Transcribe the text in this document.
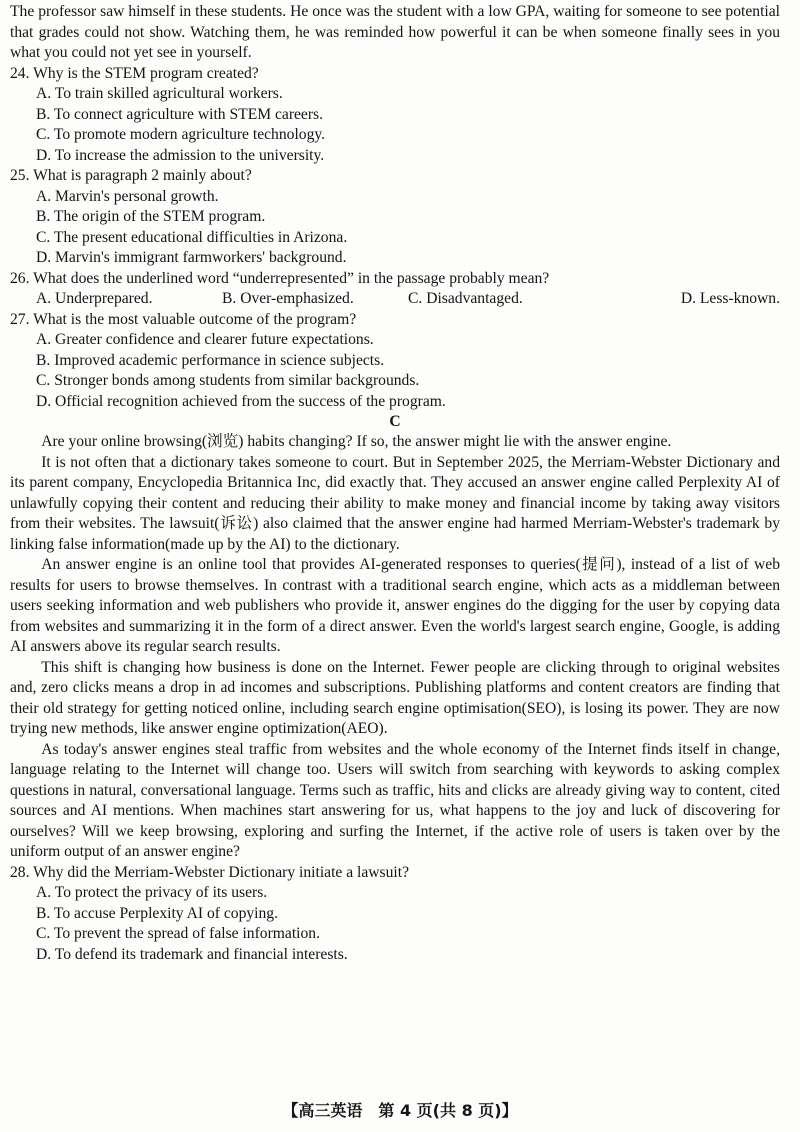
The professor saw himself in these students. He once was the student with a low GPA, waiting for someone to see potential that grades could not show. Watching them, he was reminded how powerful it can be when someone finally sees in you what you could not yet see in yourself.

24. Why is the STEM program created?

A. To train skilled agricultural workers.

B. To connect agriculture with STEM careers.

C. To promote modern agriculture technology.

D. To increase the admission to the university.

25. What is paragraph 2 mainly about?

A. Marvin's personal growth.

B. The origin of the STEM program.

C. The present educational difficulties in Arizona.

D. Marvin's immigrant farmworkers' background.

26. What does the underlined word “underrepresented” in the passage probably mean?

A. Underprepared.	B. Over-emphasized.	C. Disadvantaged.	D. Less-known.

27. What is the most valuable outcome of the program?

A. Greater confidence and clearer future expectations.

B. Improved academic performance in science subjects.

C. Stronger bonds among students from similar backgrounds.

D. Official recognition achieved from the success of the program.

C

Are your online browsing(浏览) habits changing? If so, the answer might lie with the answer engine.

It is not often that a dictionary takes someone to court. But in September 2025, the Merriam-Webster Dictionary and its parent company, Encyclopedia Britannica Inc, did exactly that. They accused an answer engine called Perplexity AI of unlawfully copying their content and reducing their ability to make money and financial income by taking away visitors from their websites. The lawsuit(诉讼) also claimed that the answer engine had harmed Merriam-Webster's trademark by linking false information(made up by the AI) to the dictionary.

An answer engine is an online tool that provides AI-generated responses to queries(提问), instead of a list of web results for users to browse themselves. In contrast with a traditional search engine, which acts as a middleman between users seeking information and web publishers who provide it, answer engines do the digging for the user by copying data from websites and summarizing it in the form of a direct answer. Even the world's largest search engine, Google, is adding AI answers above its regular search results.

This shift is changing how business is done on the Internet. Fewer people are clicking through to original websites and, zero clicks means a drop in ad incomes and subscriptions. Publishing platforms and content creators are finding that their old strategy for getting noticed online, including search engine optimisation(SEO), is losing its power. They are now trying new methods, like answer engine optimization(AEO).

As today's answer engines steal traffic from websites and the whole economy of the Internet finds itself in change, language relating to the Internet will change too. Users will switch from searching with keywords to asking complex questions in natural, conversational language. Terms such as traffic, hits and clicks are already giving way to content, cited sources and AI mentions. When machines start answering for us, what happens to the joy and luck of discovering for ourselves? Will we keep browsing, exploring and surfing the Internet, if the active role of users is taken over by the uniform output of an answer engine?

28. Why did the Merriam-Webster Dictionary initiate a lawsuit?

A. To protect the privacy of its users.

B. To accuse Perplexity AI of copying.

C. To prevent the spread of false information.

D. To defend its trademark and financial interests.

【高三英语　第 4 页(共 8 页)】
